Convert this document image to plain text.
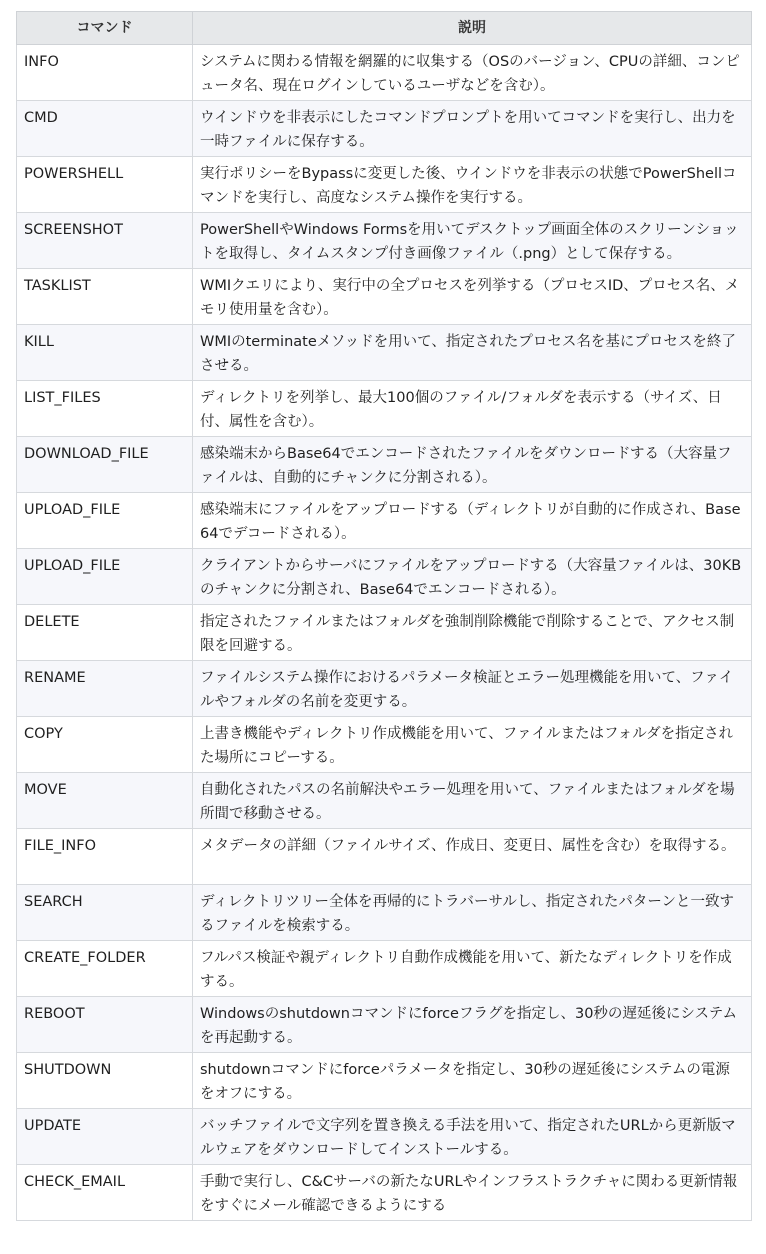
コマンド	説明
INFO	システムに関わる情報を網羅的に収集する（OSのバージョン、CPUの詳細、コンピュータ名、現在ログインしているユーザなどを含む）。
CMD	ウインドウを非表示にしたコマンドプロンプトを用いてコマンドを実行し、出力を一時ファイルに保存する。
POWERSHELL	実行ポリシーをBypassに変更した後、ウインドウを非表示の状態でPowerShellコマンドを実行し、高度なシステム操作を実行する。
SCREENSHOT	PowerShellやWindows Formsを用いてデスクトップ画面全体のスクリーンショットを取得し、タイムスタンプ付き画像ファイル（.png）として保存する。
TASKLIST	WMIクエリにより、実行中の全プロセスを列挙する（プロセスID、プロセス名、メモリ使用量を含む）。
KILL	WMIのterminateメソッドを用いて、指定されたプロセス名を基にプロセスを終了させる。
LIST_FILES	ディレクトリを列挙し、最大100個のファイル/フォルダを表示する（サイズ、日付、属性を含む）。
DOWNLOAD_FILE	感染端末からBase64でエンコードされたファイルをダウンロードする（大容量ファイルは、自動的にチャンクに分割される）。
UPLOAD_FILE	感染端末にファイルをアップロードする（ディレクトリが自動的に作成され、Base64でデコードされる）。
UPLOAD_FILE	クライアントからサーバにファイルをアップロードする（大容量ファイルは、30KBのチャンクに分割され、Base64でエンコードされる）。
DELETE	指定されたファイルまたはフォルダを強制削除機能で削除することで、アクセス制限を回避する。
RENAME	ファイルシステム操作におけるパラメータ検証とエラー処理機能を用いて、ファイルやフォルダの名前を変更する。
COPY	上書き機能やディレクトリ作成機能を用いて、ファイルまたはフォルダを指定された場所にコピーする。
MOVE	自動化されたパスの名前解決やエラー処理を用いて、ファイルまたはフォルダを場所間で移動させる。
FILE_INFO	メタデータの詳細（ファイルサイズ、作成日、変更日、属性を含む）を取得する。
SEARCH	ディレクトリツリー全体を再帰的にトラバーサルし、指定されたパターンと一致するファイルを検索する。
CREATE_FOLDER	フルパス検証や親ディレクトリ自動作成機能を用いて、新たなディレクトリを作成する。
REBOOT	Windowsのshutdownコマンドにforceフラグを指定し、30秒の遅延後にシステムを再起動する。
SHUTDOWN	shutdownコマンドにforceパラメータを指定し、30秒の遅延後にシステムの電源をオフにする。
UPDATE	バッチファイルで文字列を置き換える手法を用いて、指定されたURLから更新版マルウェアをダウンロードしてインストールする。
CHECK_EMAIL	手動で実行し、C&Cサーバの新たなURLやインフラストラクチャに関わる更新情報をすぐにメール確認できるようにする
